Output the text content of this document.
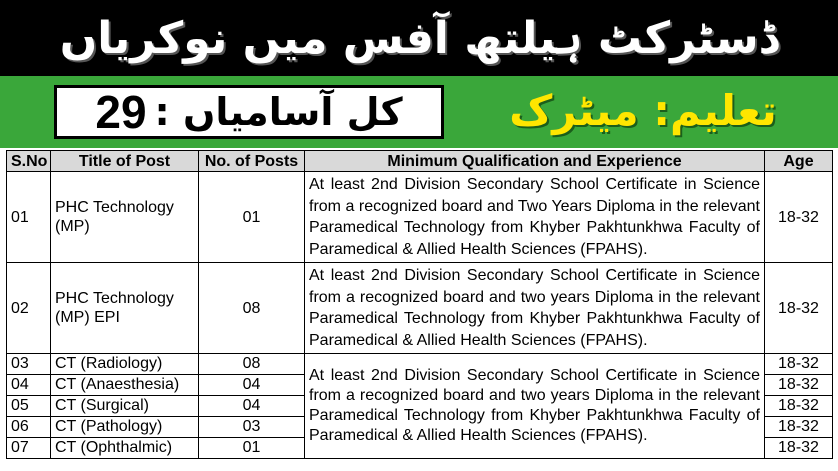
ڈسٹرکٹ ہیلتھ آفس میں نوکریاں
29 کل آسامیاں :	تعلیم: میٹرک
S.No	Title of Post	No. of Posts	Minimum Qualification and Experience	Age
01	PHC Technology (MP)	01	At least 2nd Division Secondary School Certificate in Science from a recognized board and Two Years Diploma in the relevant Paramedical Technology from Khyber Pakhtunkhwa Faculty of Paramedical & Allied Health Sciences (FPAHS).	18-32
02	PHC Technology (MP) EPI	08	At least 2nd Division Secondary School Certificate in Science from a recognized board and two years Diploma in the relevant Paramedical Technology from Khyber Pakhtunkhwa Faculty of Paramedical & Allied Health Sciences (FPAHS).	18-32
03	CT (Radiology)	08	At least 2nd Division Secondary School Certificate in Science from a recognized board and two years Diploma in the relevant Paramedical Technology from Khyber Pakhtunkhwa Faculty of Paramedical & Allied Health Sciences (FPAHS).	18-32
04	CT (Anaesthesia)	04		18-32
05	CT (Surgical)	04		18-32
06	CT (Pathology)	03		18-32
07	CT (Ophthalmic)	01		18-32
